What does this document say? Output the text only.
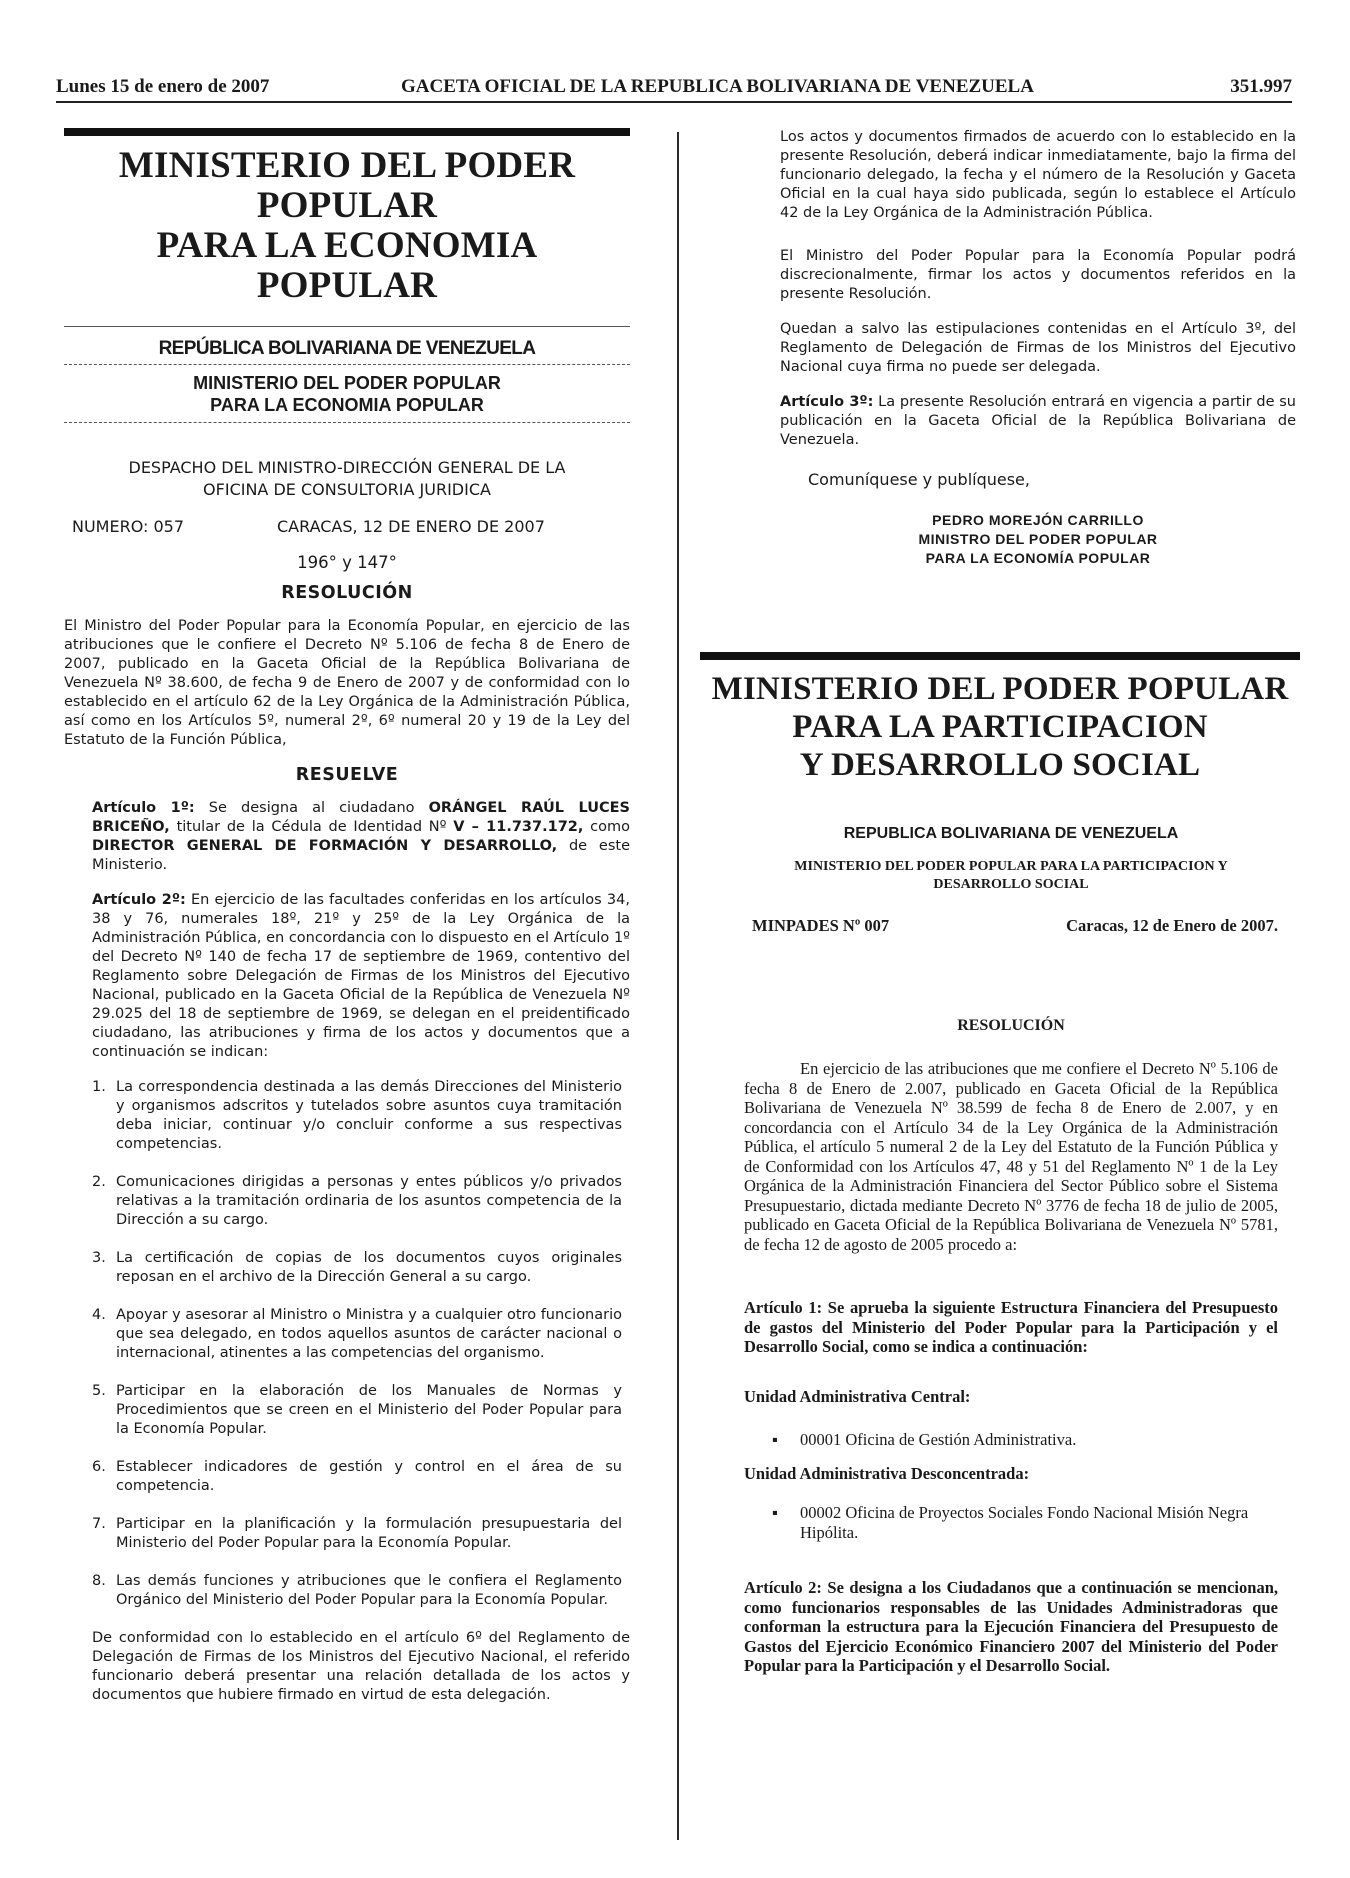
Lunes 15 de enero de 2007	GACETA OFICIAL DE LA REPUBLICA BOLIVARIANA DE VENEZUELA	351.997
MINISTERIO DEL PODER POPULAR
PARA LA ECONOMIA POPULAR
REPÚBLICA BOLIVARIANA DE VENEZUELA
MINISTERIO DEL PODER POPULAR
PARA LA ECONOMIA POPULAR
DESPACHO DEL MINISTRO-DIRECCIÓN GENERAL DE LA
OFICINA DE CONSULTORIA JURIDICA
NUMERO: 057	CARACAS, 12 DE ENERO DE 2007
196° y 147°
RESOLUCIÓN

El Ministro del Poder Popular para la Economía Popular, en ejercicio de las atribuciones que le confiere el Decreto Nº 5.106 de fecha 8 de Enero de 2007, publicado en la Gaceta Oficial de la República Bolivariana de Venezuela Nº 38.600, de fecha 9 de Enero de 2007 y de conformidad con lo establecido en el artículo 62 de la Ley Orgánica de la Administración Pública, así como en los Artículos 5º, numeral 2º, 6º numeral 20 y 19 de la Ley del Estatuto de la Función Pública,

RESUELVE

Artículo 1º: Se designa al ciudadano ORÁNGEL RAÚL LUCES BRICEÑO, titular de la Cédula de Identidad Nº V – 11.737.172, como DIRECTOR GENERAL DE FORMACIÓN Y DESARROLLO, de este Ministerio.

Artículo 2º: En ejercicio de las facultades conferidas en los artículos 34, 38 y 76, numerales 18º, 21º y 25º de la Ley Orgánica de la Administración Pública, en concordancia con lo dispuesto en el Artículo 1º del Decreto Nº 140 de fecha 17 de septiembre de 1969, contentivo del Reglamento sobre Delegación de Firmas de los Ministros del Ejecutivo Nacional, publicado en la Gaceta Oficial de la República de Venezuela Nº 29.025 del 18 de septiembre de 1969, se delegan en el preidentificado ciudadano, las atribuciones y firma de los actos y documentos que a continuación se indican:

1. La correspondencia destinada a las demás Direcciones del Ministerio y organismos adscritos y tutelados sobre asuntos cuya tramitación deba iniciar, continuar y/o concluir conforme a sus respectivas competencias.
2. Comunicaciones dirigidas a personas y entes públicos y/o privados relativas a la tramitación ordinaria de los asuntos competencia de la Dirección a su cargo.
3. La certificación de copias de los documentos cuyos originales reposan en el archivo de la Dirección General a su cargo.
4. Apoyar y asesorar al Ministro o Ministra y a cualquier otro funcionario que sea delegado, en todos aquellos asuntos de carácter nacional o internacional, atinentes a las competencias del organismo.
5. Participar en la elaboración de los Manuales de Normas y Procedimientos que se creen en el Ministerio del Poder Popular para la Economía Popular.
6. Establecer indicadores de gestión y control en el área de su competencia.
7. Participar en la planificación y la formulación presupuestaria del Ministerio del Poder Popular para la Economía Popular.
8. Las demás funciones y atribuciones que le confiera el Reglamento Orgánico del Ministerio del Poder Popular para la Economía Popular.

De conformidad con lo establecido en el artículo 6º del Reglamento de Delegación de Firmas de los Ministros del Ejecutivo Nacional, el referido funcionario deberá presentar una relación detallada de los actos y documentos que hubiere firmado en virtud de esta delegación.

Los actos y documentos firmados de acuerdo con lo establecido en la presente Resolución, deberá indicar inmediatamente, bajo la firma del funcionario delegado, la fecha y el número de la Resolución y Gaceta Oficial en la cual haya sido publicada, según lo establece el Artículo 42 de la Ley Orgánica de la Administración Pública.

El Ministro del Poder Popular para la Economía Popular podrá discrecionalmente, firmar los actos y documentos referidos en la presente Resolución.

Quedan a salvo las estipulaciones contenidas en el Artículo 3º, del Reglamento de Delegación de Firmas de los Ministros del Ejecutivo Nacional cuya firma no puede ser delegada.

Artículo 3º: La presente Resolución entrará en vigencia a partir de su publicación en la Gaceta Oficial de la República Bolivariana de Venezuela.

Comuníquese y publíquese,
PEDRO MOREJÓN CARRILLO
MINISTRO DEL PODER POPULAR
PARA LA ECONOMÍA POPULAR
MINISTERIO DEL PODER POPULAR
PARA LA PARTICIPACION
Y DESARROLLO SOCIAL
REPUBLICA BOLIVARIANA DE VENEZUELA
MINISTERIO DEL PODER POPULAR PARA LA PARTICIPACION Y
DESARROLLO SOCIAL
MINPADES Nº 007	Caracas, 12 de Enero de 2007.
RESOLUCIÓN

En ejercicio de las atribuciones que me confiere el Decreto Nº 5.106 de fecha 8 de Enero de 2.007, publicado en Gaceta Oficial de la República Bolivariana de Venezuela Nº 38.599 de fecha 8 de Enero de 2.007, y en concordancia con el Artículo 34 de la Ley Orgánica de la Administración Pública, el artículo 5 numeral 2 de la Ley del Estatuto de la Función Pública y de Conformidad con los Artículos 47, 48 y 51 del Reglamento Nº 1 de la Ley Orgánica de la Administración Financiera del Sector Público sobre el Sistema Presupuestario, dictada mediante Decreto Nº 3776 de fecha 18 de julio de 2005, publicado en Gaceta Oficial de la República Bolivariana de Venezuela Nº 5781, de fecha 12 de agosto de 2005 procedo a:

Artículo 1: Se aprueba la siguiente Estructura Financiera del Presupuesto de gastos del Ministerio del Poder Popular para la Participación y el Desarrollo Social, como se indica a continuación:

Unidad Administrativa Central:
▪ 00001 Oficina de Gestión Administrativa.
Unidad Administrativa Desconcentrada:
▪ 00002 Oficina de Proyectos Sociales Fondo Nacional Misión Negra Hipólita.

Artículo 2: Se designa a los Ciudadanos que a continuación se mencionan, como funcionarios responsables de las Unidades Administradoras que conforman la estructura para la Ejecución Financiera del Presupuesto de Gastos del Ejercicio Económico Financiero 2007 del Ministerio del Poder Popular para la Participación y el Desarrollo Social.
